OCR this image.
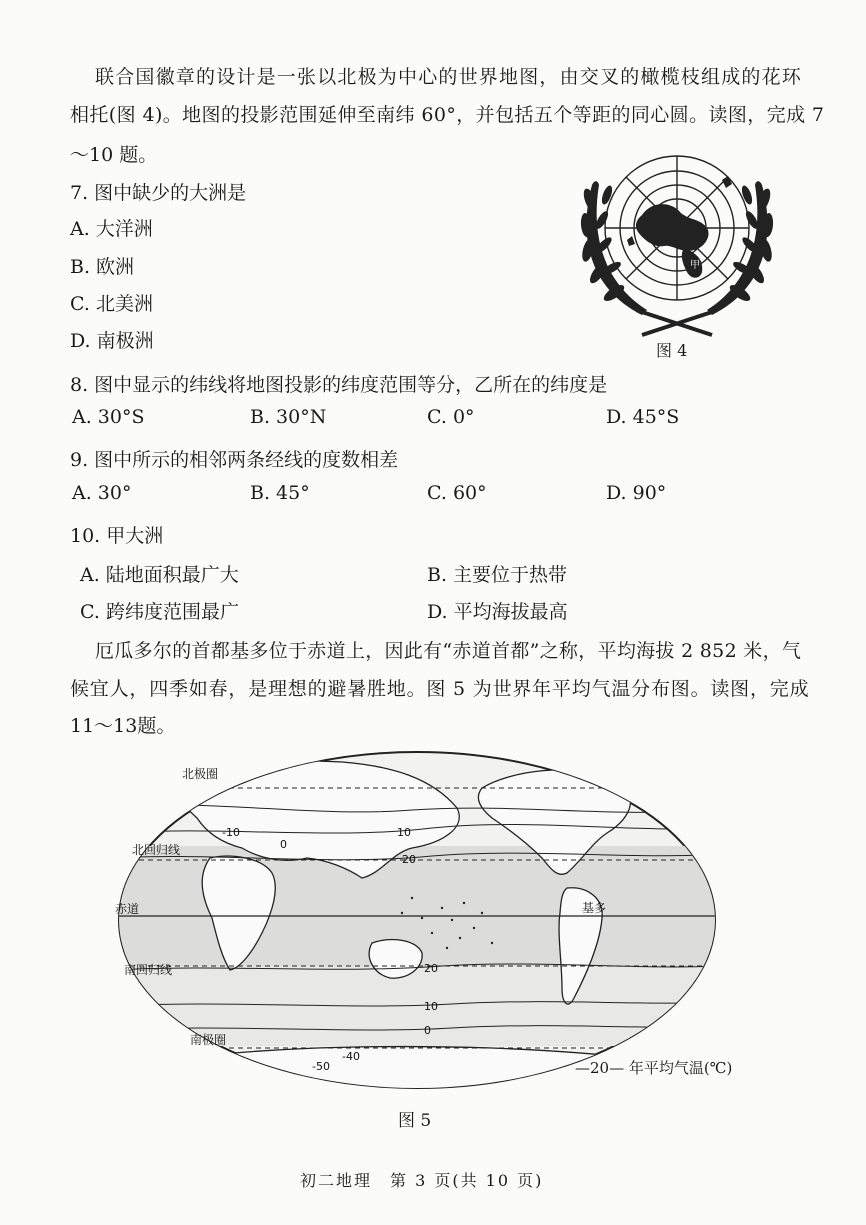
联合国徽章的设计是一张以北极为中心的世界地图，由交叉的橄榄枝组成的花环
相托(图 4)。地图的投影范围延伸至南纬 60°，并包括五个等距的同心圆。读图，完成 7
～10 题。
7. 图中缺少的大洲是
A. 大洋洲
B. 欧洲
C. 北美洲
D. 南极洲
甲
图 4
8. 图中显示的纬线将地图投影的纬度范围等分，乙所在的纬度是
A. 30°S	B. 30°N	C. 0°	D. 45°S
9. 图中所示的相邻两条经线的度数相差
A. 30°	B. 45°	C. 60°	D. 90°
10. 甲大洲
A. 陆地面积最广大	B. 主要位于热带
C. 跨纬度范围最广	D. 平均海拔最高
厄瓜多尔的首都基多位于赤道上，因此有“赤道首都”之称，平均海拔 2 852 米，气
候宜人，四季如春，是理想的避暑胜地。图 5 为世界年平均气温分布图。读图，完成
11～13题。
北极圈
北回归线
赤道
南回归线
南极圈
基多
10
0
-10
20
20
10
0
-40
-50	—20— 年平均气温(℃)
图 5
初二地理　第 3 页(共 10 页)
